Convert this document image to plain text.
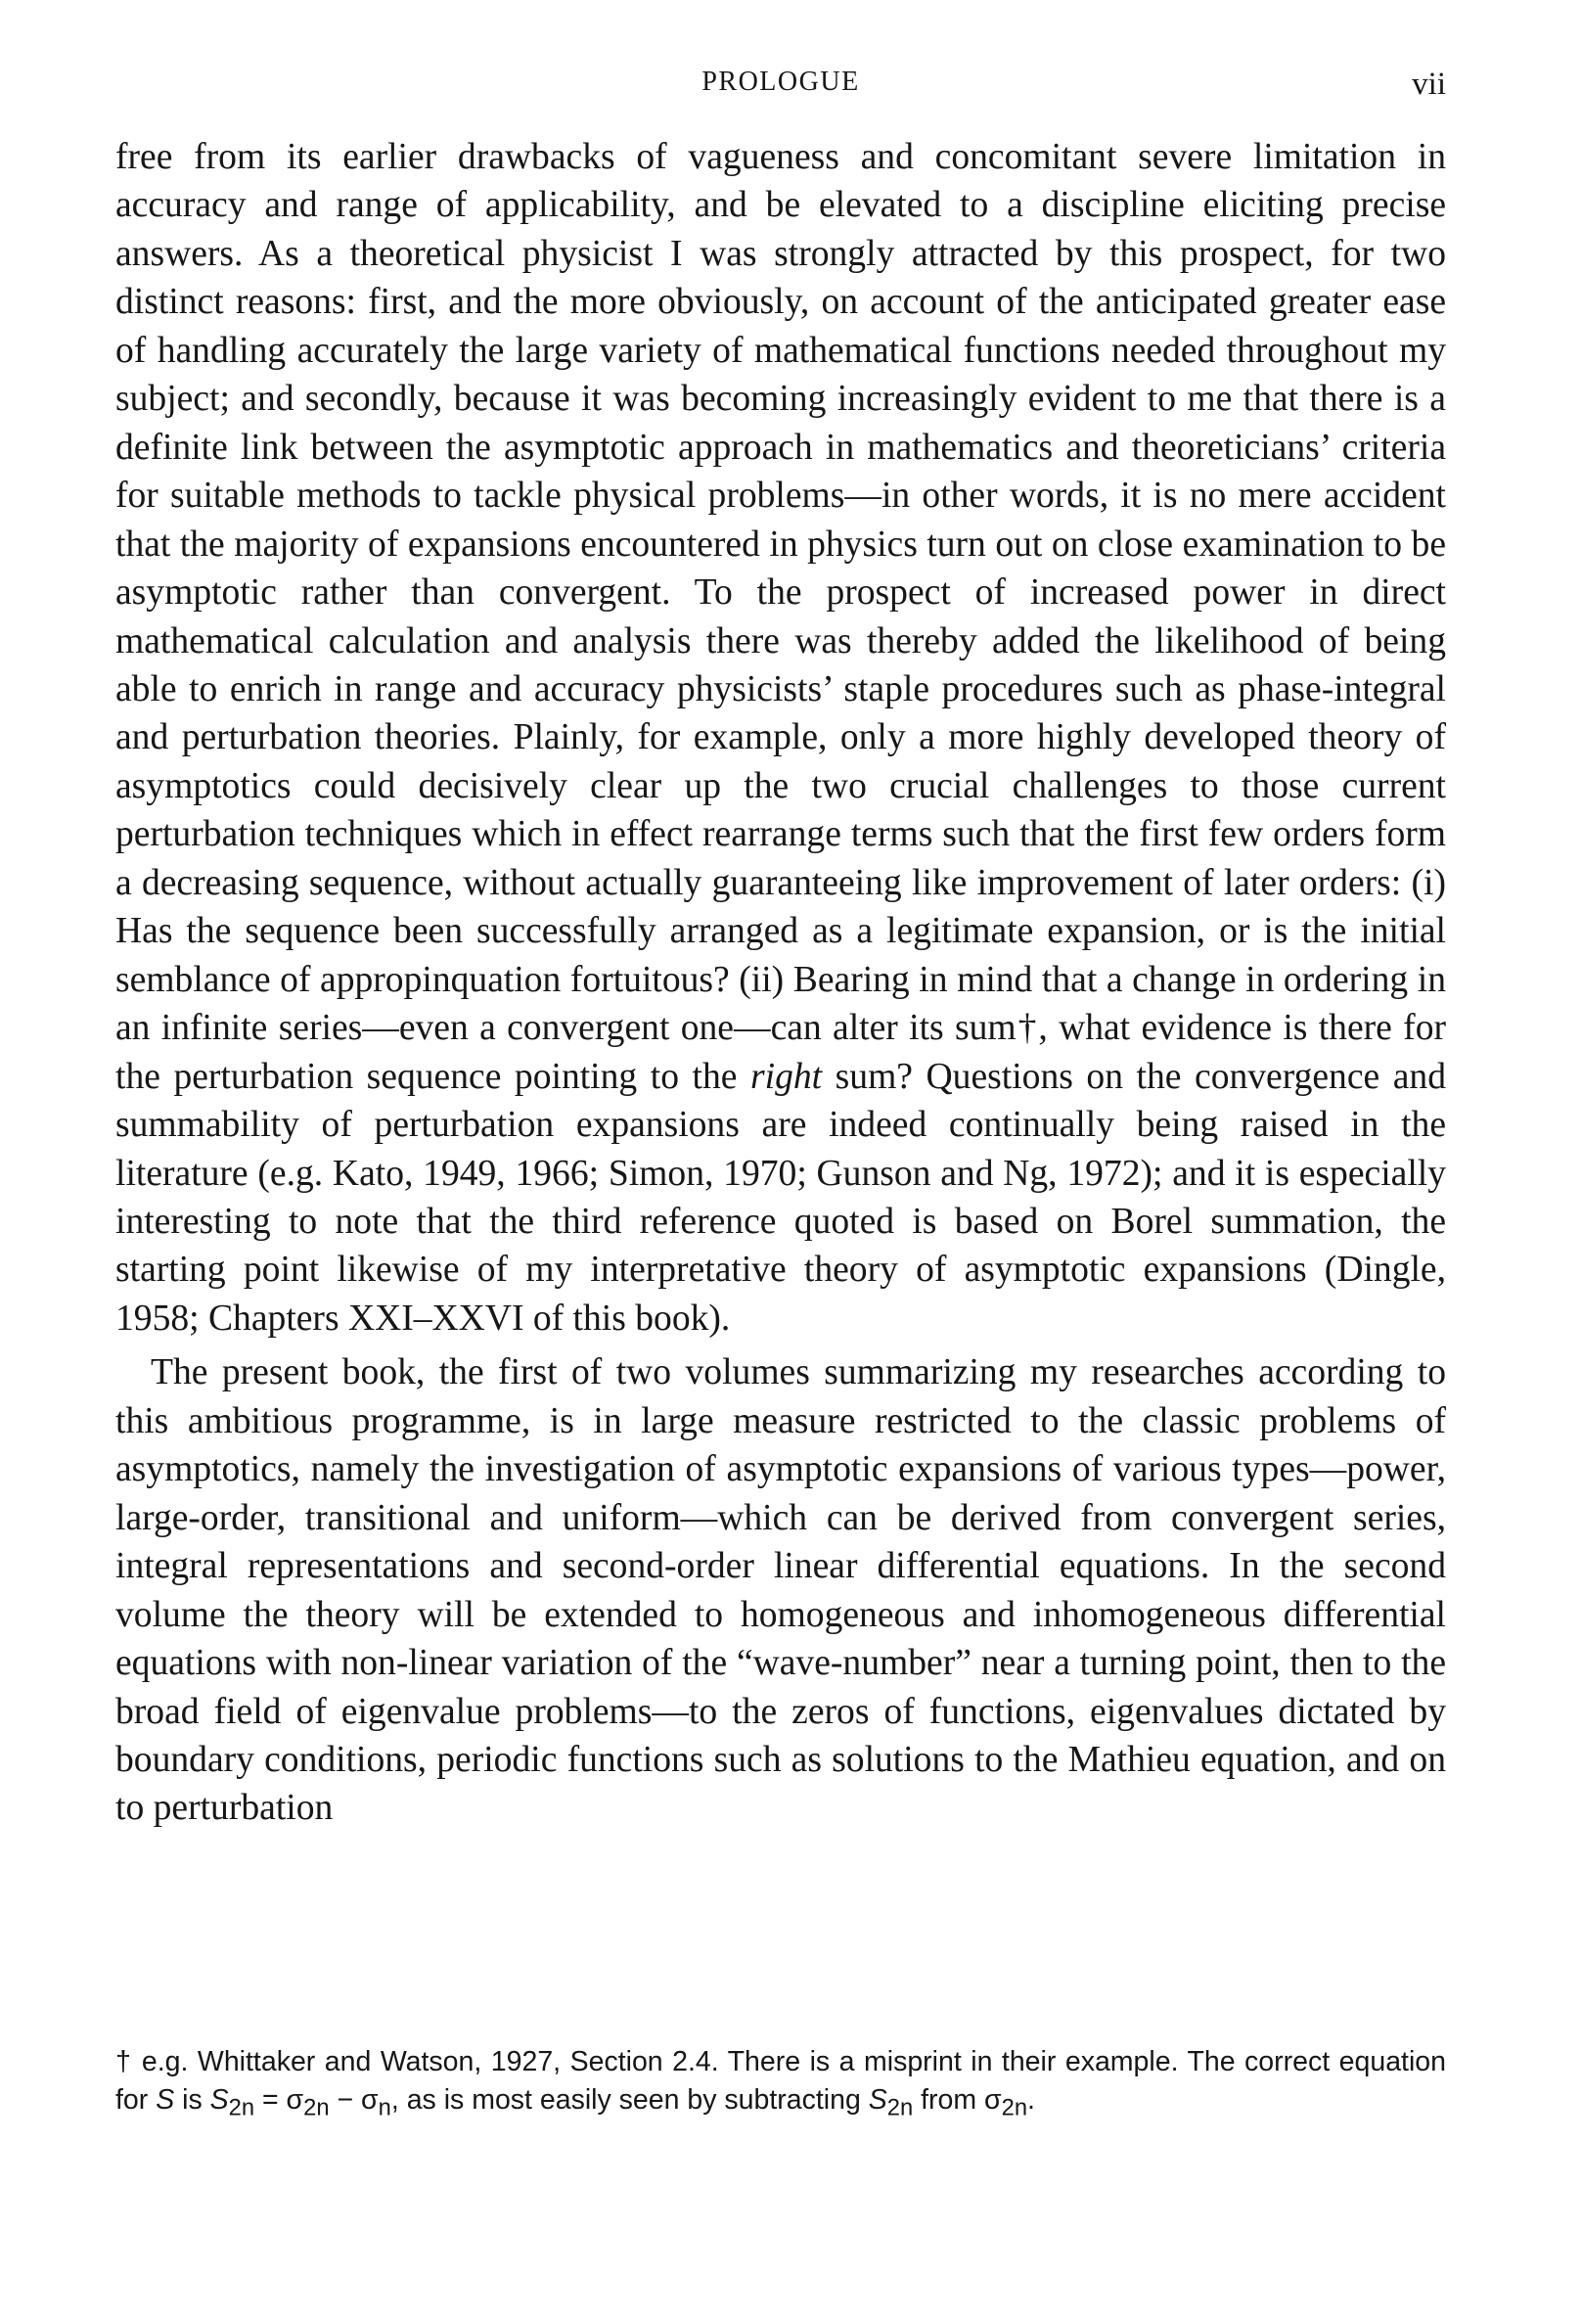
PROLOGUE	vii

free from its earlier drawbacks of vagueness and concomitant severe limitation in accuracy and range of applicability, and be elevated to a discipline eliciting precise answers. As a theoretical physicist I was strongly attracted by this prospect, for two distinct reasons: first, and the more obviously, on account of the anticipated greater ease of handling accurately the large variety of mathematical functions needed throughout my subject; and secondly, because it was becoming increasingly evident to me that there is a definite link between the asymptotic approach in mathematics and theoreticians’ criteria for suitable methods to tackle physical problems—in other words, it is no mere accident that the majority of expansions encountered in physics turn out on close examination to be asymptotic rather than convergent. To the prospect of increased power in direct mathematical calculation and analysis there was thereby added the likelihood of being able to enrich in range and accuracy physicists’ staple procedures such as phase-integral and perturbation theories. Plainly, for example, only a more highly developed theory of asymptotics could decisively clear up the two crucial challenges to those current perturbation techniques which in effect rearrange terms such that the first few orders form a decreasing sequence, without actually guaranteeing like improvement of later orders: (i) Has the sequence been successfully arranged as a legitimate expansion, or is the initial semblance of appropinquation fortuitous? (ii) Bearing in mind that a change in ordering in an infinite series—even a convergent one—can alter its sum†, what evidence is there for the perturbation sequence pointing to the right sum? Questions on the convergence and summability of perturbation expansions are indeed continually being raised in the literature (e.g. Kato, 1949, 1966; Simon, 1970; Gunson and Ng, 1972); and it is especially interesting to note that the third reference quoted is based on Borel summation, the starting point likewise of my interpretative theory of asymptotic expansions (Dingle, 1958; Chapters XXI–XXVI of this book).

The present book, the first of two volumes summarizing my researches according to this ambitious programme, is in large measure restricted to the classic problems of asymptotics, namely the investigation of asymptotic expansions of various types—power, large-order, transitional and uniform—which can be derived from convergent series, integral representations and second-order linear differential equations. In the second volume the theory will be extended to homogeneous and inhomogeneous differential equations with non-linear variation of the “wave-number” near a turning point, then to the broad field of eigenvalue problems—to the zeros of functions, eigenvalues dictated by boundary conditions, periodic functions such as solutions to the Mathieu equation, and on to perturbation

† e.g. Whittaker and Watson, 1927, Section 2.4. There is a misprint in their example. The correct equation for S is $S_{2n} = \sigma_{2n} - \sigma_n$, as is most easily seen by subtracting $S_{2n}$ from $\sigma_{2n}$.
